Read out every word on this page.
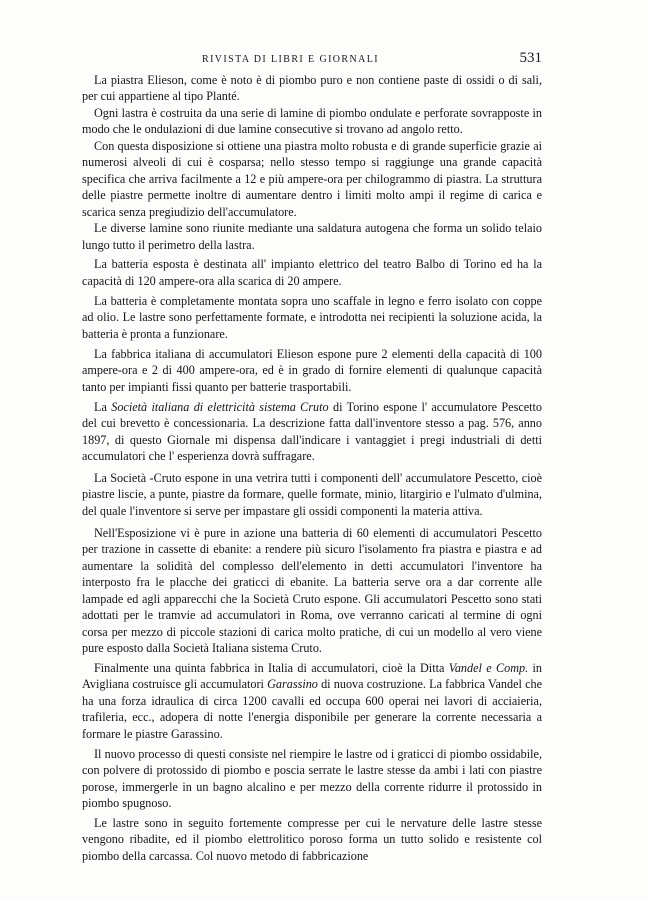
RIVISTA DI LIBRI E GIORNALI	531

La piastra Elieson, come è noto è di piombo puro e non contiene paste di ossidi o di sali, per cui appartiene al tipo Planté.

Ogni lastra è costruita da una serie di lamine di piombo ondulate e perforate sovrapposte in modo che le ondulazioni di due lamine consecutive si trovano ad angolo retto.

Con questa disposizione si ottiene una piastra molto robusta e di grande superficie grazie ai numerosi alveoli di cui è cosparsa; nello stesso tempo si raggiunge una grande capacità specifica che arriva facilmente a 12 e più ampere-ora per chilogrammo di piastra. La struttura delle piastre permette inoltre di aumentare dentro i limiti molto ampi il regime di carica e scarica senza pregiudizio dell'accumulatore.

Le diverse lamine sono riunite mediante una saldatura autogena che forma un solido telaio lungo tutto il perimetro della lastra.

La batteria esposta è destinata all' impianto elettrico del teatro Balbo di Torino ed ha la capacità di 120 ampere-ora alla scarica di 20 ampere.

La batteria è completamente montata sopra uno scaffale in legno e ferro isolato con coppe ad olio. Le lastre sono perfettamente formate, e introdotta nei recipienti la soluzione acida, la batteria è pronta a funzionare.

La fabbrica italiana di accumulatori Elieson espone pure 2 elementi della capacità di 100 ampere-ora e 2 di 400 ampere-ora, ed è in grado di fornire elementi di qualunque capacità tanto per impianti fissi quanto per batterie trasportabili.

La Società italiana di elettricità sistema Cruto di Torino espone l' accumulatore Pescetto del cui brevetto è concessionaria. La descrizione fatta dall'inventore stesso a pag. 576, anno 1897, di questo Giornale mi dispensa dall'indicare i vantaggiet i pregi industriali di detti accumulatori che l' esperienza dovrà suffragare.

La Società -Cruto espone in una vetrira tutti i componenti dell' accumulatore Pescetto, cioè piastre liscie, a punte, piastre da formare, quelle formate, minio, litargirio e l'ulmato d'ulmina, del quale l'inventore si serve per impastare gli ossidi componenti la materia attiva.

Nell'Esposizione vi è pure in azione una batteria di 60 elementi di accumulatori Pescetto per trazione in cassette di ebanite: a rendere più sicuro l'isolamento fra piastra e piastra e ad aumentare la solidità del complesso dell'elemento in detti accumulatori l'inventore ha interposto fra le placche dei graticci di ebanite. La batteria serve ora a dar corrente alle lampade ed agli apparecchi che la Società Cruto espone. Gli accumulatori Pescetto sono stati adottati per le tramvie ad accumulatori in Roma, ove verranno caricati al termine di ogni corsa per mezzo di piccole stazioni di carica molto pratiche, di cui un modello al vero viene pure esposto dalla Società Italiana sistema Cruto.

Finalmente una quinta fabbrica in Italia di accumulatori, cioè la Ditta Vandel e Comp. in Avigliana costruisce gli accumulatori Garassino di nuova costruzione. La fabbrica Vandel che ha una forza idraulica di circa 1200 cavalli ed occupa 600 operai nei lavori di acciaieria, trafileria, ecc., adopera di notte l'energia disponibile per generare la corrente necessaria a formare le piastre Garassino.

Il nuovo processo di questi consiste nel riempire le lastre od i graticci di piombo ossidabile, con polvere di protossido di piombo e poscia serrate le lastre stesse da ambi i lati con piastre porose, immergerle in un bagno alcalino e per mezzo della corrente ridurre il protossido in piombo spugnoso.

Le lastre sono in seguito fortemente compresse per cui le nervature delle lastre stesse vengono ribadite, ed il piombo elettrolitico poroso forma un tutto solido e resistente col piombo della carcassa. Col nuovo metodo di fabbricazione
